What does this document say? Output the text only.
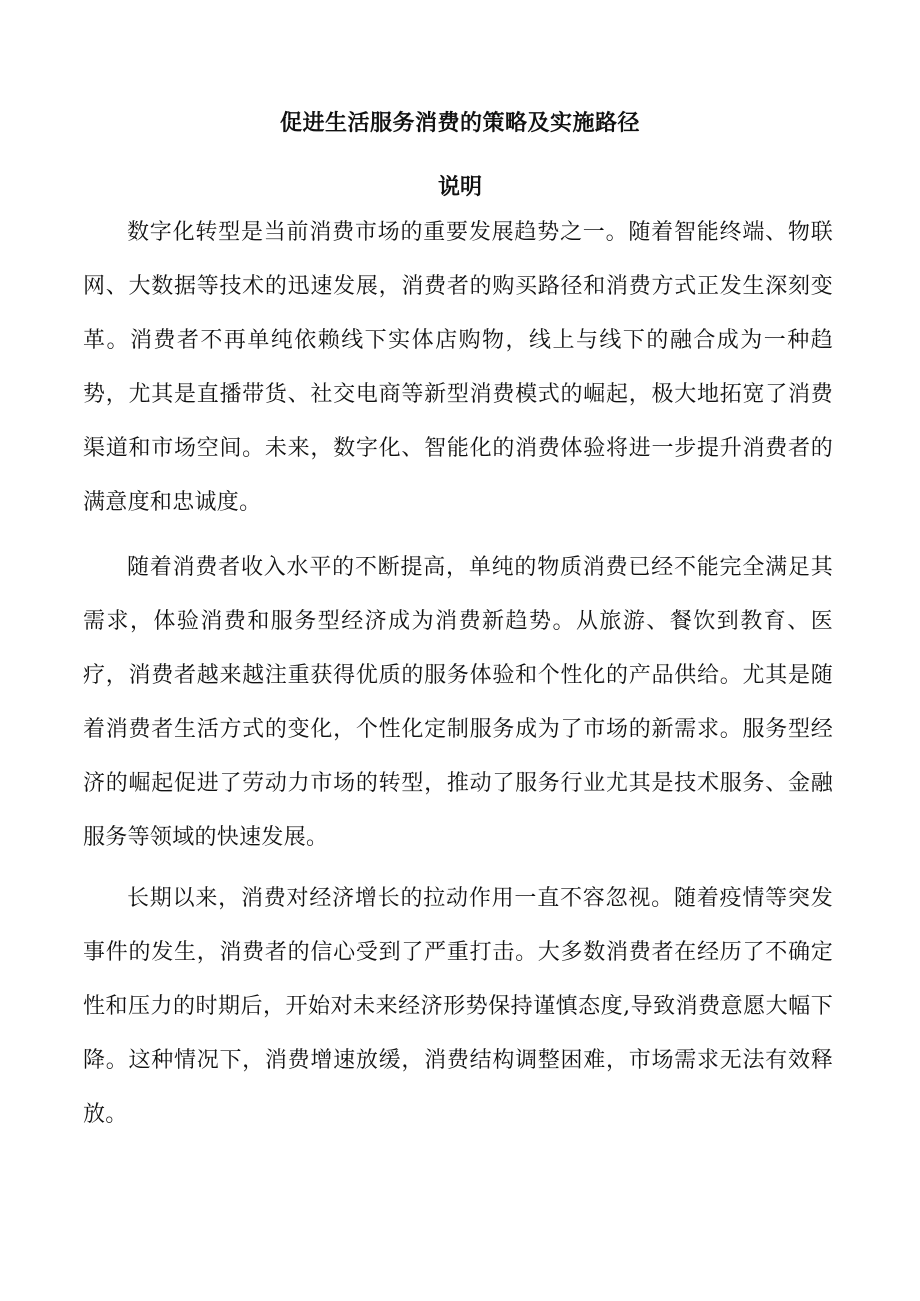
促进生活服务消费的策略及实施路径
说明

数字化转型是当前消费市场的重要发展趋势之一。随着智能终端、物联网、大数据等技术的迅速发展，消费者的购买路径和消费方式正发生深刻变革。消费者不再单纯依赖线下实体店购物，线上与线下的融合成为一种趋势，尤其是直播带货、社交电商等新型消费模式的崛起，极大地拓宽了消费渠道和市场空间。未来，数字化、智能化的消费体验将进一步提升消费者的满意度和忠诚度。

随着消费者收入水平的不断提高，单纯的物质消费已经不能完全满足其需求，体验消费和服务型经济成为消费新趋势。从旅游、餐饮到教育、医疗，消费者越来越注重获得优质的服务体验和个性化的产品供给。尤其是随着消费者生活方式的变化，个性化定制服务成为了市场的新需求。服务型经济的崛起促进了劳动力市场的转型，推动了服务行业尤其是技术服务、金融服务等领域的快速发展。

长期以来，消费对经济增长的拉动作用一直不容忽视。随着疫情等突发事件的发生，消费者的信心受到了严重打击。大多数消费者在经历了不确定性和压力的时期后，开始对未来经济形势保持谨慎态度,导致消费意愿大幅下降。这种情况下，消费增速放缓，消费结构调整困难，市场需求无法有效释放。
